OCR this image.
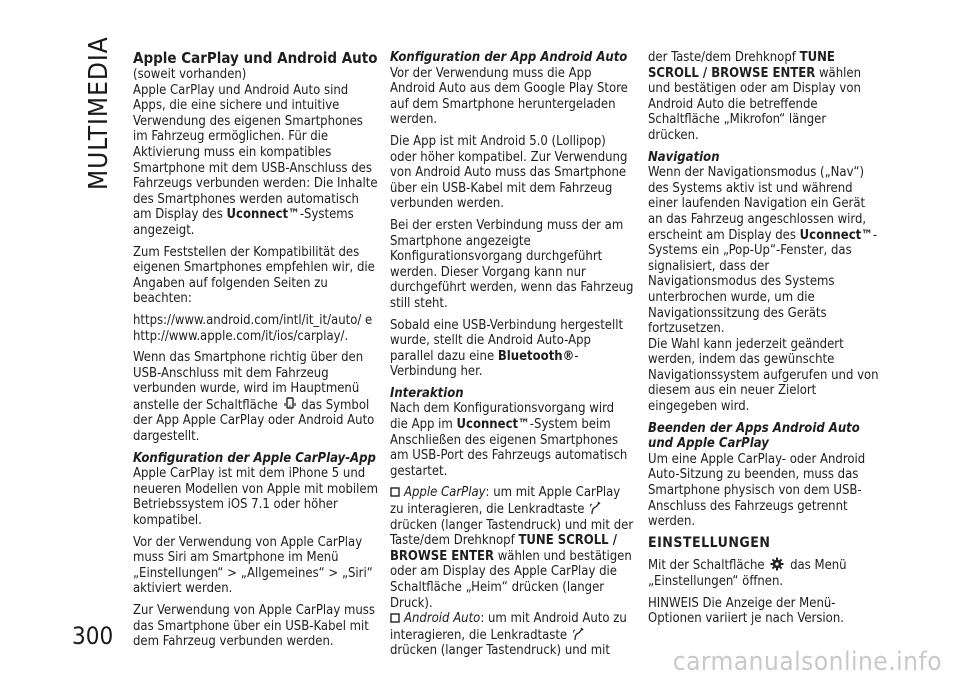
MULTIMEDIA
300
Apple CarPlay und Android Auto

(soweit vorhanden)

Apple CarPlay und Android Auto sind Apps, die eine sichere und intuitive Verwendung des eigenen Smartphones im Fahrzeug ermöglichen. Für die Aktivierung muss ein kompatibles Smartphone mit dem USB-Anschluss des Fahrzeugs verbunden werden: Die Inhalte des Smartphones werden automatisch am Display des Uconnect™-Systems angezeigt.

Zum Feststellen der Kompatibilität des eigenen Smartphones empfehlen wir, die Angaben auf folgenden Seiten zu beachten:

https://www.android.com/intl/it_it/auto/ e http://www.apple.com/it/ios/carplay/.

Wenn das Smartphone richtig über den USB-Anschluss mit dem Fahrzeug verbunden wurde, wird im Hauptmenü anstelle der Schaltfläche  das Symbol der App Apple CarPlay oder Android Auto dargestellt.

Konfiguration der Apple CarPlay-App

Apple CarPlay ist mit dem iPhone 5 und neueren Modellen von Apple mit mobilem Betriebssystem iOS 7.1 oder höher kompatibel.

Vor der Verwendung von Apple CarPlay muss Siri am Smartphone im Menü „Einstellungen“ > „Allgemeines“ > „Siri“ aktiviert werden.

Zur Verwendung von Apple CarPlay muss das Smartphone über ein USB-Kabel mit dem Fahrzeug verbunden werden.

Konfiguration der App Android Auto

Vor der Verwendung muss die App Android Auto aus dem Google Play Store auf dem Smartphone heruntergeladen werden.

Die App ist mit Android 5.0 (Lollipop) oder höher kompatibel. Zur Verwendung von Android Auto muss das Smartphone über ein USB-Kabel mit dem Fahrzeug verbunden werden.

Bei der ersten Verbindung muss der am Smartphone angezeigte Konfigurationsvorgang durchgeführt werden. Dieser Vorgang kann nur durchgeführt werden, wenn das Fahrzeug still steht.

Sobald eine USB-Verbindung hergestellt wurde, stellt die Android Auto-App parallel dazu eine Bluetooth®-Verbindung her.

Interaktion

Nach dem Konfigurationsvorgang wird die App im Uconnect™-System beim Anschließen des eigenen Smartphones am USB-Port des Fahrzeugs automatisch gestartet.

Apple CarPlay: um mit Apple CarPlay zu interagieren, die Lenkradtaste  drücken (langer Tastendruck) und mit der Taste/dem Drehknopf TUNE SCROLL / BROWSE ENTER wählen und bestätigen oder am Display des Apple CarPlay die Schaltfläche „Heim“ drücken (langer Druck).

Android Auto: um mit Android Auto zu interagieren, die Lenkradtaste  drücken (langer Tastendruck) und mit

der Taste/dem Drehknopf TUNE SCROLL / BROWSE ENTER wählen und bestätigen oder am Display von Android Auto die betreffende Schaltfläche „Mikrofon“ länger drücken.

Navigation

Wenn der Navigationsmodus („Nav“) des Systems aktiv ist und während einer laufenden Navigation ein Gerät an das Fahrzeug angeschlossen wird, erscheint am Display des Uconnect™-Systems ein „Pop-Up“-Fenster, das signalisiert, dass der Navigationsmodus des Systems unterbrochen wurde, um die Navigationssitzung des Geräts fortzusetzen.

Die Wahl kann jederzeit geändert werden, indem das gewünschte Navigationssystem aufgerufen und von diesem aus ein neuer Zielort eingegeben wird.

Beenden der Apps Android Auto und Apple CarPlay

Um eine Apple CarPlay- oder Android Auto-Sitzung zu beenden, muss das Smartphone physisch von dem USB-Anschluss des Fahrzeugs getrennt werden.

EINSTELLUNGEN

Mit der Schaltfläche  das Menü „Einstellungen“ öffnen.

HINWEIS Die Anzeige der Menü-Optionen variiert je nach Version.

carmanualsonline.info
